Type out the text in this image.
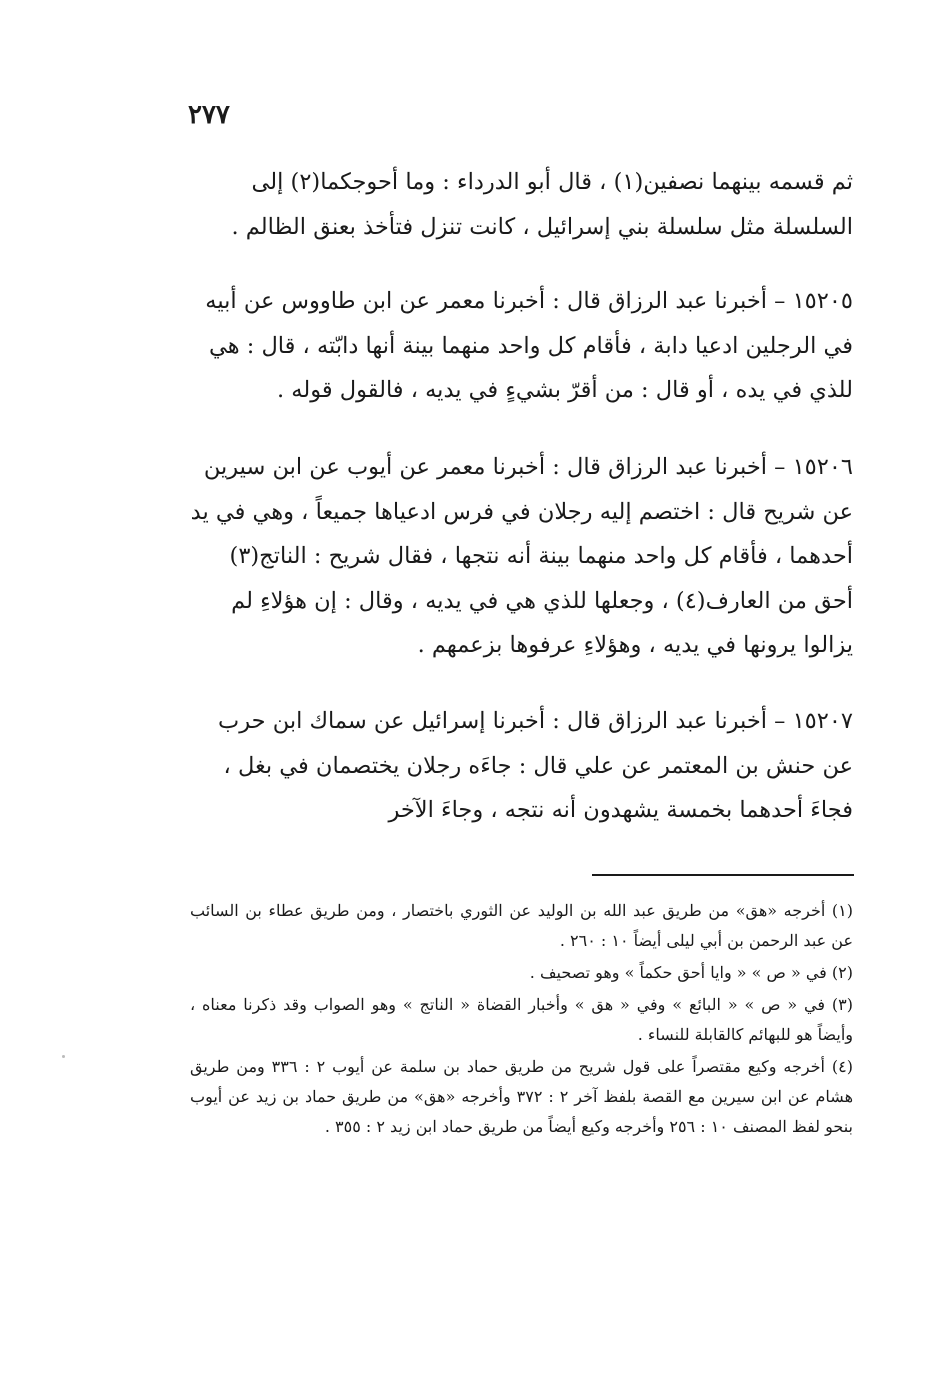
٢٧٧

ثم قسمه بينهما نصفين(١) ، قال أبو الدرداء : وما أحوجكما(٢) إلى السلسلة مثل سلسلة بني إسرائيل ، كانت تنزل فتأخذ بعنق الظالم .

١٥٢٠٥ – أخبرنا عبد الرزاق قال : أخبرنا معمر عن ابن طاووس عن أبيه في الرجلين ادعيا دابة ، فأقام كل واحد منهما بينة أنها دابّته ، قال : هي للذي في يده ، أو قال : من أقرّ بشيءٍ في يديه ، فالقول قوله .

١٥٢٠٦ – أخبرنا عبد الرزاق قال : أخبرنا معمر عن أيوب عن ابن سيرين عن شريح قال : اختصم إليه رجلان في فرس ادعياها جميعاً ، وهي في يد أحدهما ، فأقام كل واحد منهما بينة أنه نتجها ، فقال شريح : الناتج(٣) أحق من العارف(٤) ، وجعلها للذي هي في يديه ، وقال : إن هؤلاءِ لم يزالوا يرونها في يديه ، وهؤلاءِ عرفوها بزعمهم .

١٥٢٠٧ – أخبرنا عبد الرزاق قال : أخبرنا إسرائيل عن سماك ابن حرب عن حنش بن المعتمر عن علي قال : جاءَه رجلان يختصمان في بغل ، فجاءَ أحدهما بخمسة يشهدون أنه نتجه ، وجاءَ الآخر

(١) أخرجه «هق» من طريق عبد الله بن الوليد عن الثوري باختصار ، ومن طريق عطاء بن السائب عن عبد الرحمن بن أبي ليلى أيضاً ١٠ : ٢٦٠ .

(٢) في « ص » « وايا أحق حكماً » وهو تصحيف .

(٣) في « ص » « البائع » وفي « هق » وأخبار القضاة « الناتج » وهو الصواب وقد ذكرنا معناه ، وأيضاً هو للبهائم كالقابلة للنساء .

(٤) أخرجه وكيع مقتصراً على قول شريح من طريق حماد بن سلمة عن أيوب ٢ : ٣٣٦ ومن طريق هشام عن ابن سيرين مع القصة بلفظ آخر ٢ : ٣٧٢ وأخرجه «هق» من طريق حماد بن زيد عن أيوب بنحو لفظ المصنف ١٠ : ٢٥٦ وأخرجه وكيع أيضاً من طريق حماد ابن زيد ٢ : ٣٥٥ .
